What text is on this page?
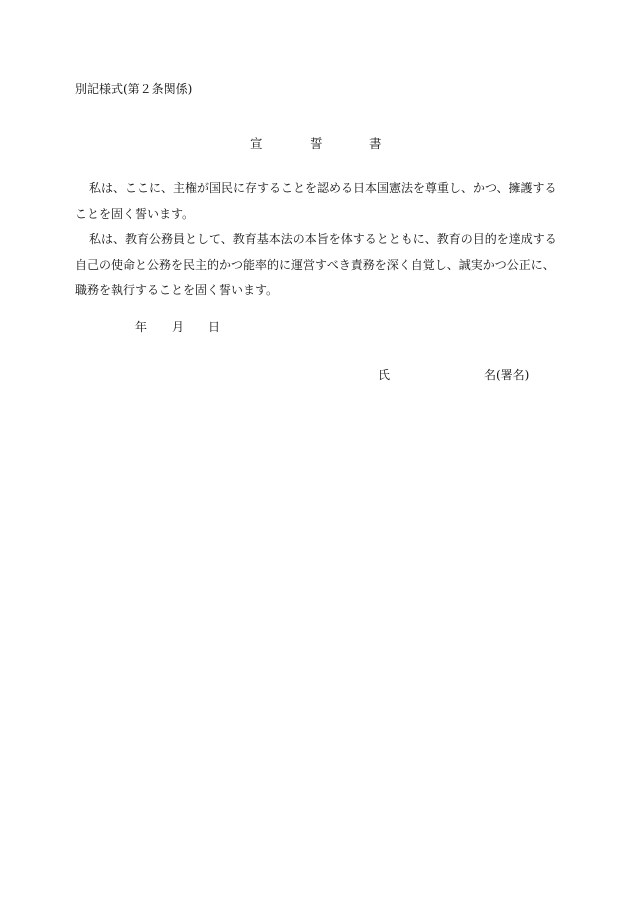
別記様式(第２条関係)
宣	誓	書

私は、ここに、主権が国民に存することを認める日本国憲法を尊重し、かつ、擁護する

ことを固く誓います。

私は、教育公務員として、教育基本法の本旨を体するとともに、教育の目的を達成する

自己の使命と公務を民主的かつ能率的に運営すべき責務を深く自覚し、誠実かつ公正に、

職務を執行することを固く誓います。

年 月 日
氏	名(署名)
